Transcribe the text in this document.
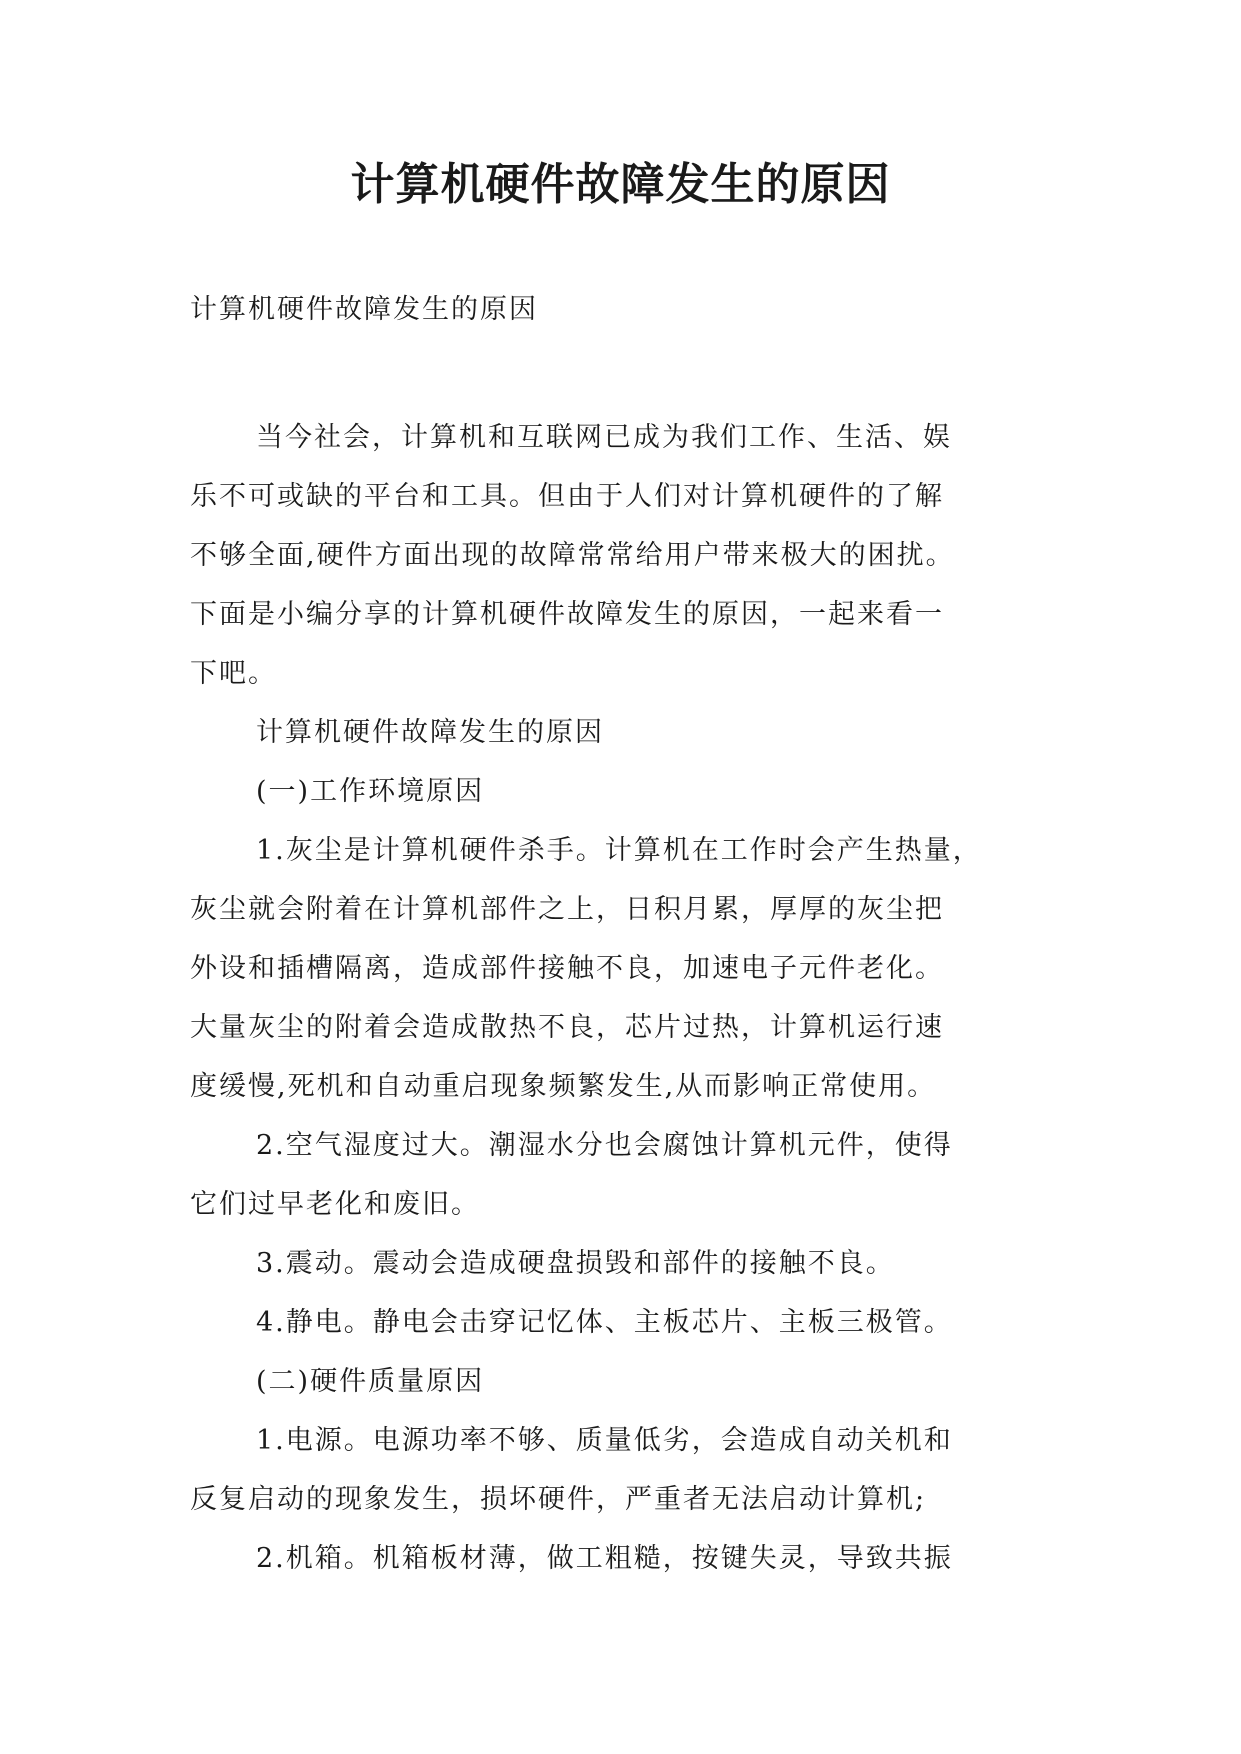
计算机硬件故障发生的原因
计算机硬件故障发生的原因
当今社会，计算机和互联网已成为我们工作、生活、娱
乐不可或缺的平台和工具。但由于人们对计算机硬件的了解
不够全面,硬件方面出现的故障常常给用户带来极大的困扰。
下面是小编分享的计算机硬件故障发生的原因，一起来看一
下吧。
计算机硬件故障发生的原因
(一)工作环境原因
1.灰尘是计算机硬件杀手。计算机在工作时会产生热量，
灰尘就会附着在计算机部件之上，日积月累，厚厚的灰尘把
外设和插槽隔离，造成部件接触不良，加速电子元件老化。
大量灰尘的附着会造成散热不良，芯片过热，计算机运行速
度缓慢,死机和自动重启现象频繁发生,从而影响正常使用。
2.空气湿度过大。潮湿水分也会腐蚀计算机元件，使得
它们过早老化和废旧。
3.震动。震动会造成硬盘损毁和部件的接触不良。
4.静电。静电会击穿记忆体、主板芯片、主板三极管。
(二)硬件质量原因
1.电源。电源功率不够、质量低劣，会造成自动关机和
反复启动的现象发生，损坏硬件，严重者无法启动计算机;
2.机箱。机箱板材薄，做工粗糙，按键失灵，导致共振
